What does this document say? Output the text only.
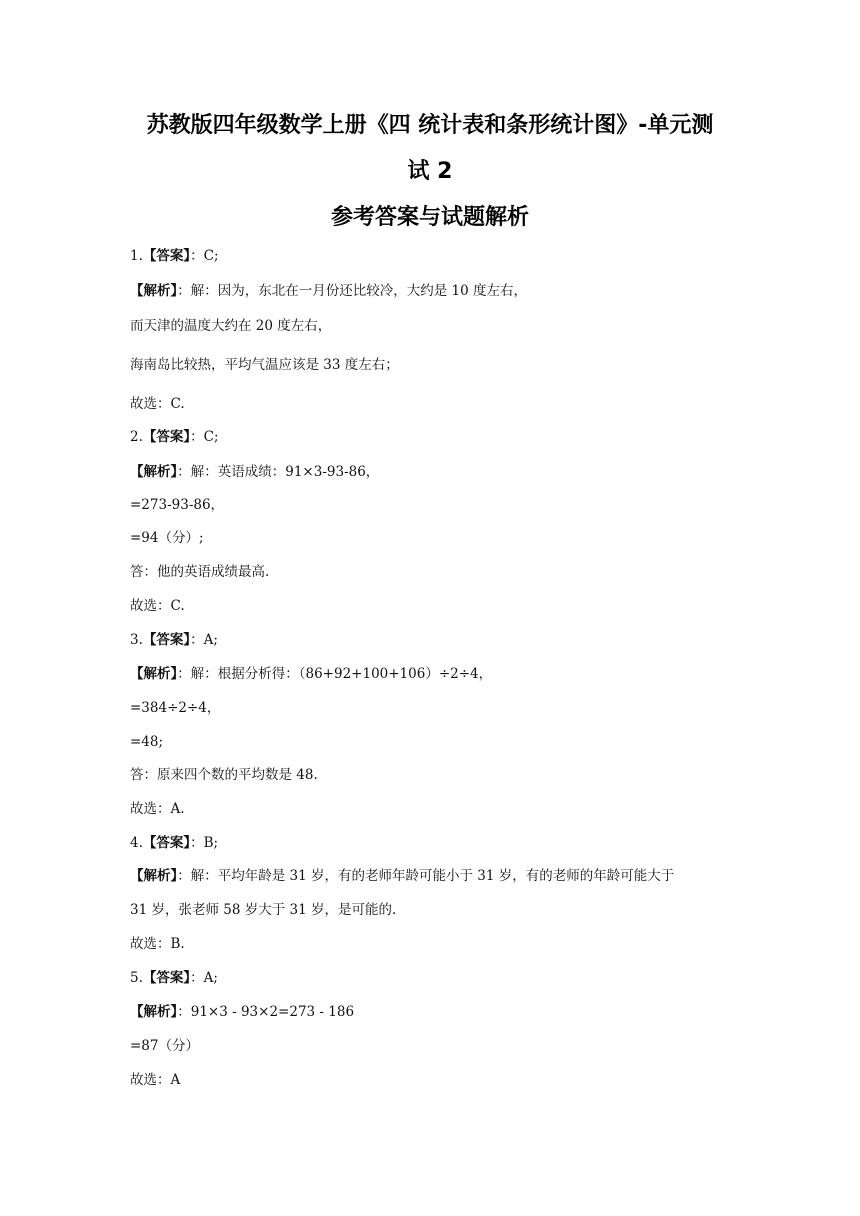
苏教版四年级数学上册《四 统计表和条形统计图》-单元测
试 2
参考答案与试题解析
1.【答案】：C;
【解析】：解：因为，东北在一月份还比较冷，大约是 10 度左右，
而天津的温度大约在 20 度左右，
海南岛比较热，平均气温应该是 33 度左右；
故选：C.
2.【答案】：C;
【解析】：解：英语成绩：91×3-93-86，
=273-93-86，
=94（分）;
答：他的英语成绩最高.
故选：C.
3.【答案】：A;
【解析】：解：根据分析得：（86+92+100+106）÷2÷4，
=384÷2÷4，
=48;
答：原来四个数的平均数是 48.
故选：A.
4.【答案】：B;
【解析】：解：平均年龄是 31 岁，有的老师年龄可能小于 31 岁，有的老师的年龄可能大于
31 岁，张老师 58 岁大于 31 岁，是可能的.
故选：B.
5.【答案】：A;
【解析】：91×3 - 93×2=273 - 186
=87（分）
故选：A
